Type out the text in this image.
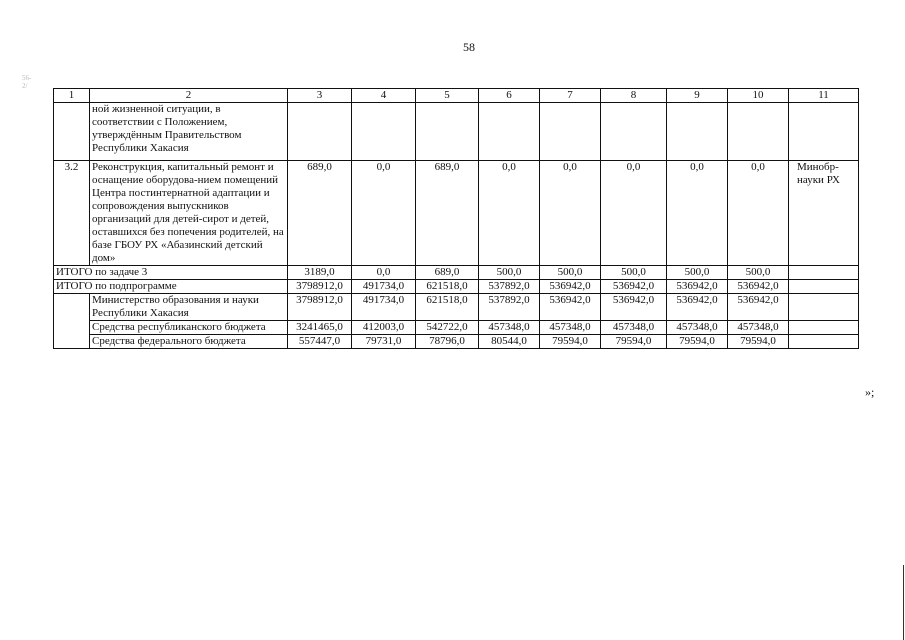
58
56-2/
1	2	3	4	5	6	7	8	9	10	11
	ной жизненной ситуации, в соответствии с Положением, утверждённым Правительством Республики Хакасия									
3.2	Реконструкция, капитальный ремонт и оснащение оборудова-нием помещений Центра постинтернатной адаптации и сопровождения выпускников организаций для детей-сирот и детей, оставшихся без попечения родителей, на базе ГБОУ РХ «Абазинский детский дом»	689,0	0,0	689,0	0,0	0,0	0,0	0,0	0,0	Минобр-науки РХ
ИТОГО по задаче 3		3189,0	0,0	689,0	500,0	500,0	500,0	500,0	500,0	
ИТОГО по подпрограмме		3798912,0	491734,0	621518,0	537892,0	536942,0	536942,0	536942,0	536942,0	
	Министерство образования и науки Республики Хакасия	3798912,0	491734,0	621518,0	537892,0	536942,0	536942,0	536942,0	536942,0	
	Средства республиканского бюджета	3241465,0	412003,0	542722,0	457348,0	457348,0	457348,0	457348,0	457348,0	
	Средства федерального бюджета	557447,0	79731,0	78796,0	80544,0	79594,0	79594,0	79594,0	79594,0	
»;
